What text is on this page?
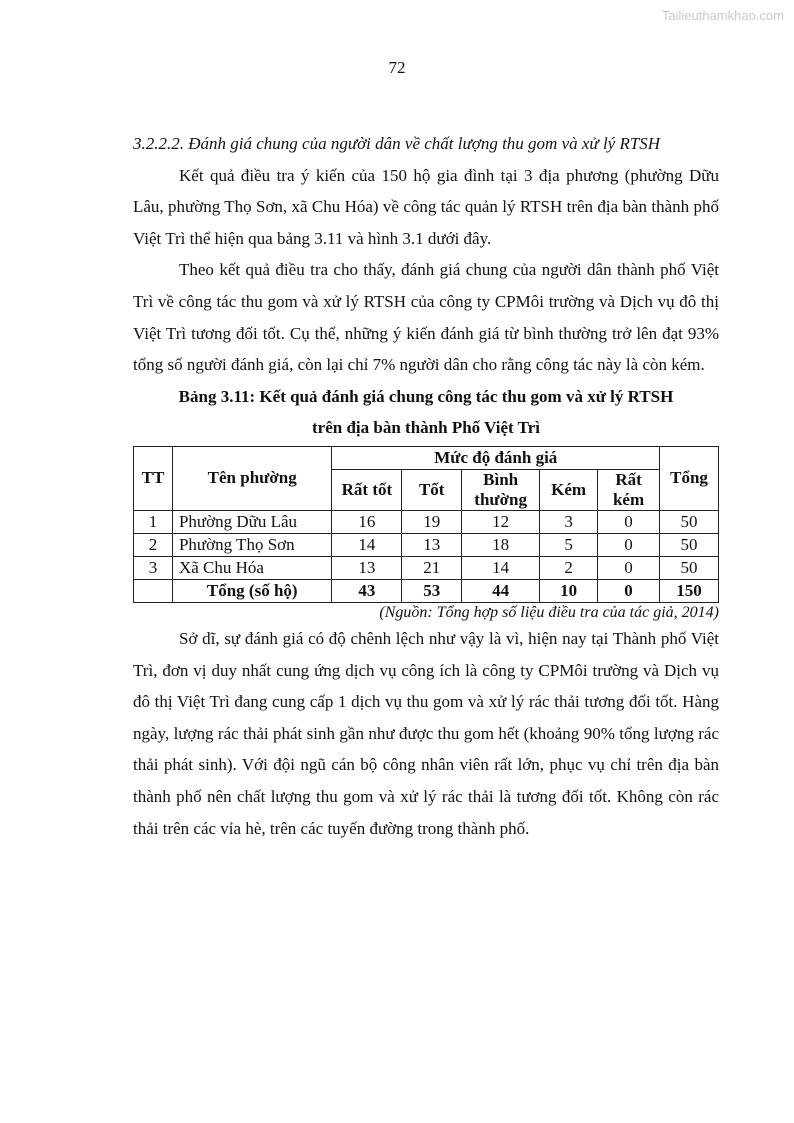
Tailieuthamkhao.com
72

3.2.2.2. Đánh giá chung của người dân về chất lượng thu gom và xử lý RTSH

Kết quả điều tra ý kiến của 150 hộ gia đình tại 3 địa phương (phường Dữu Lâu, phường Thọ Sơn, xã Chu Hóa) về công tác quản lý RTSH trên địa bàn thành phố Việt Trì thể hiện qua bảng 3.11 và hình 3.1 dưới đây.

Theo kết quả điều tra cho thấy, đánh giá chung của người dân thành phố Việt Trì về công tác thu gom và xử lý RTSH của công ty CPMôi trường và Dịch vụ đô thị Việt Trì tương đối tốt. Cụ thể, những ý kiến đánh giá từ bình thường trở lên đạt 93% tổng số người đánh giá, còn lại chỉ 7% người dân cho rằng công tác này là còn kém.

Bảng 3.11: Kết quả đánh giá chung công tác thu gom và xử lý RTSH

trên địa bàn thành Phố Việt Trì

TT	Tên phường	Mức độ đánh giá					Tổng
		Rất tốt	Tốt	Bình thường	Kém	Rất kém	
1	Phường Dữu Lâu	16	19	12	3	0	50
2	Phường Thọ Sơn	14	13	18	5	0	50
3	Xã Chu Hóa	13	21	14	2	0	50
	Tổng (số hộ)	43	53	44	10	0	150

(Nguồn: Tổng hợp số liệu điều tra của tác giả, 2014)

Sở dĩ, sự đánh giá có độ chênh lệch như vậy là vì, hiện nay tại Thành phố Việt Trì, đơn vị duy nhất cung ứng dịch vụ công ích là công ty CPMôi trường và Dịch vụ đô thị Việt Trì đang cung cấp 1 dịch vụ thu gom và xử lý rác thải tương đối tốt. Hàng ngày, lượng rác thải phát sinh gần như được thu gom hết (khoảng 90% tổng lượng rác thải phát sinh). Với đội ngũ cán bộ công nhân viên rất lớn, phục vụ chỉ trên địa bàn thành phố nên chất lượng thu gom và xử lý rác thải là tương đối tốt. Không còn rác thải trên các vỉa hè, trên các tuyến đường trong thành phố.
